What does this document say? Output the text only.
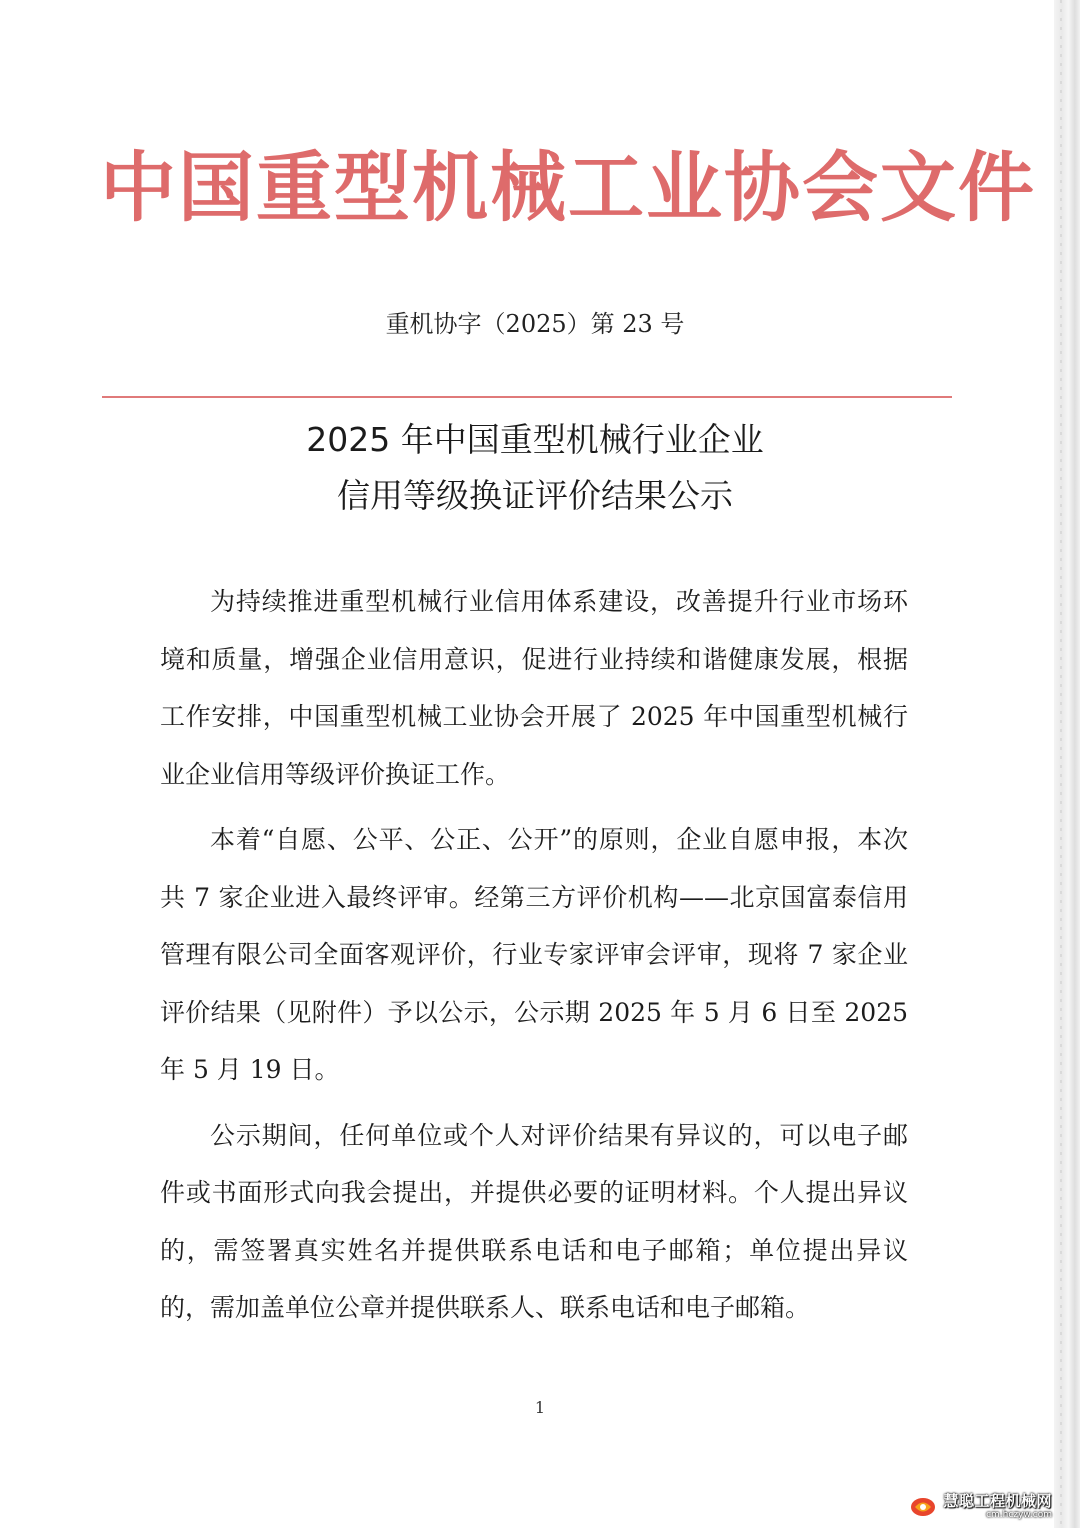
中国重型机械工业协会文件
重机协字（2025）第 23 号
2025 年中国重型机械行业企业
信用等级换证评价结果公示

为持续推进重型机械行业信用体系建设，改善提升行业市场环境和质量，增强企业信用意识，促进行业持续和谐健康发展，根据工作安排，中国重型机械工业协会开展了 2025 年中国重型机械行业企业信用等级评价换证工作。

本着“自愿、公平、公正、公开”的原则，企业自愿申报，本次共 7 家企业进入最终评审。经第三方评价机构——北京国富泰信用管理有限公司全面客观评价，行业专家评审会评审，现将 7 家企业评价结果（见附件）予以公示，公示期 2025 年 5 月 6 日至 2025 年 5 月 19 日。

公示期间，任何单位或个人对评价结果有异议的，可以电子邮件或书面形式向我会提出，并提供必要的证明材料。个人提出异议的，需签署真实姓名并提供联系电话和电子邮箱；单位提出异议的，需加盖单位公章并提供联系人、联系电话和电子邮箱。

1
慧聪工程机械网
cm.hczyw.com
